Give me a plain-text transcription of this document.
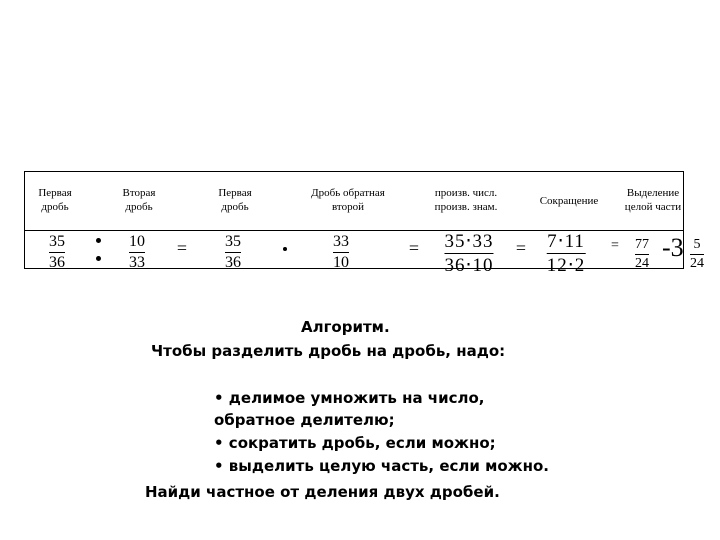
Первая
дробь
Вторая
дробь
Первая
дробь
Дробь обратная
второй
произв. числ.
произв. знам.	Сокращение
Выделение
целой части
35
36
10
33
= 35
36
33
10
= 35⋅33
36⋅10
= 7⋅11
12⋅2
= 77
24
-3 5
24
Алгоритм.
Чтобы разделить дробь на дробь, надо:
• делимое умножить на число,
обратное делителю;
• сократить дробь, если можно;
• выделить целую часть, если можно.
Найди частное от деления двух дробей.
